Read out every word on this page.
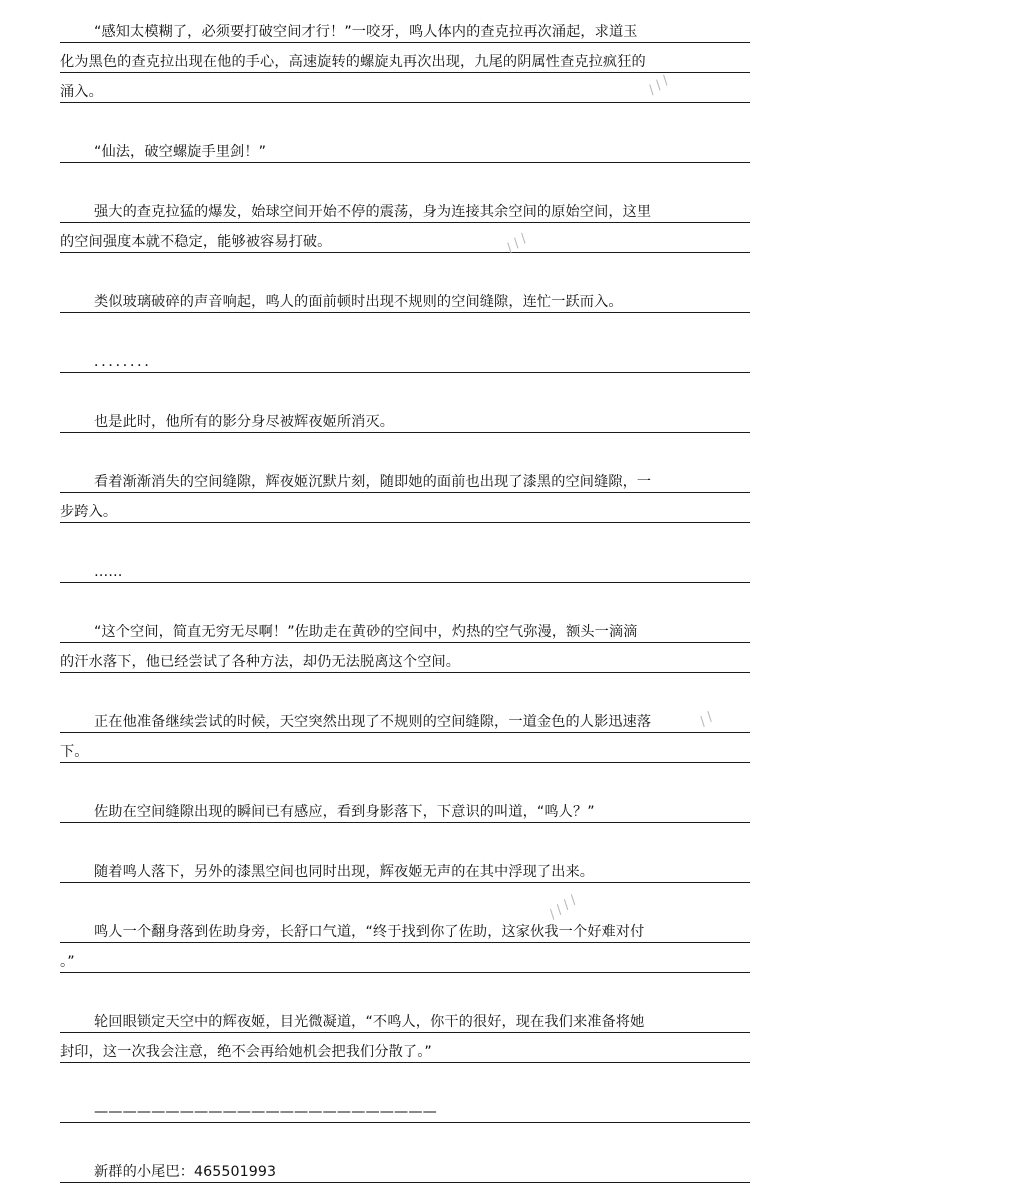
“感知太模糊了，必须要打破空间才行！”一咬牙，鸣人体内的查克拉再次涌起，求道玉
化为黑色的查克拉出现在他的手心，高速旋转的螺旋丸再次出现，九尾的阴属性查克拉疯狂的
涌入。
“仙法，破空螺旋手里剑！”
强大的查克拉猛的爆发，始球空间开始不停的震荡，身为连接其余空间的原始空间，这里
的空间强度本就不稳定，能够被容易打破。
类似玻璃破碎的声音响起，鸣人的面前顿时出现不规则的空间缝隙，连忙一跃而入。
．．．．．．．．
也是此时，他所有的影分身尽被辉夜姬所消灭。
看着渐渐消失的空间缝隙，辉夜姬沉默片刻，随即她的面前也出现了漆黑的空间缝隙，一
步跨入。
……
“这个空间，简直无穷无尽啊！”佐助走在黄砂的空间中，灼热的空气弥漫，额头一滴滴
的汗水落下，他已经尝试了各种方法，却仍无法脱离这个空间。
正在他准备继续尝试的时候，天空突然出现了不规则的空间缝隙，一道金色的人影迅速落
下。
佐助在空间缝隙出现的瞬间已有感应，看到身影落下，下意识的叫道，“鸣人？”
随着鸣人落下，另外的漆黑空间也同时出现，辉夜姬无声的在其中浮现了出来。
鸣人一个翻身落到佐助身旁，长舒口气道，“终于找到你了佐助，这家伙我一个好难对付
。”
轮回眼锁定天空中的辉夜姬，目光微凝道，“不鸣人，你干的很好，现在我们来准备将她
封印，这一次我会注意，绝不会再给她机会把我们分散了。”
————————————————————————
新群的小尾巴：465501993
∕ ∕ ∕
∕ ∕ ∕
∕ ∕
∕ ∕ ∕ ∕
